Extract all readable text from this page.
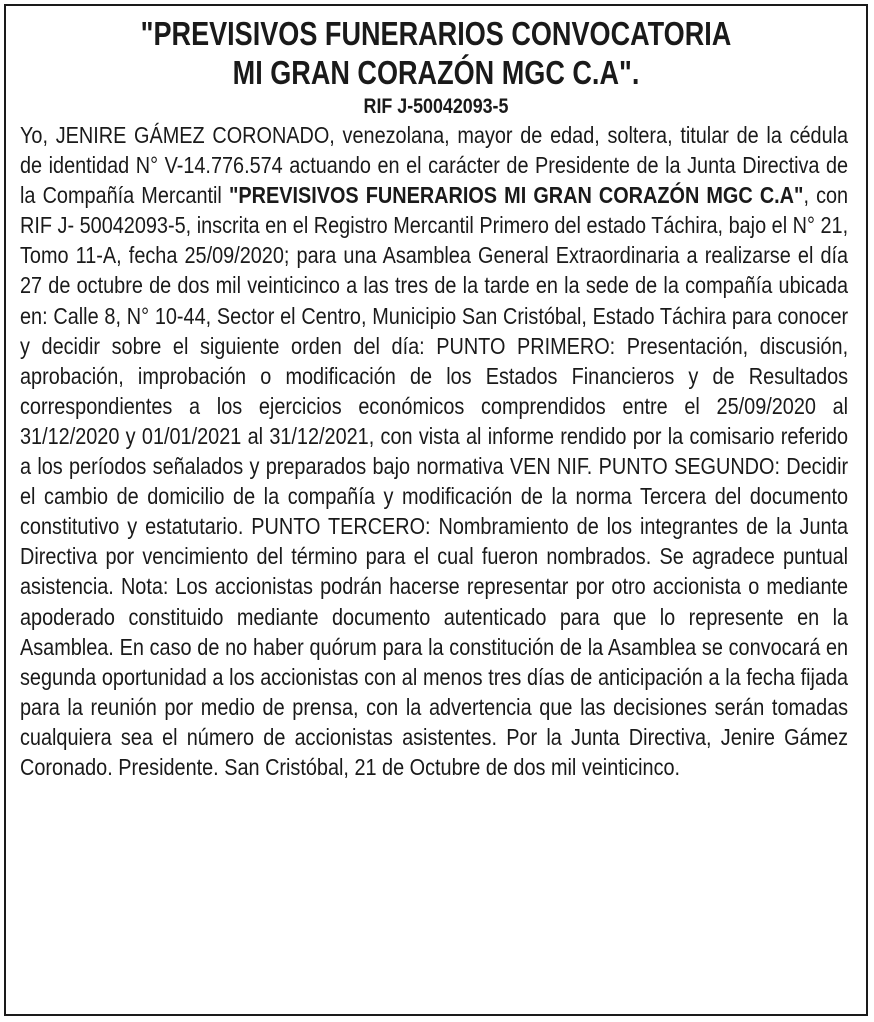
"PREVISIVOS FUNERARIOS CONVOCATORIA
MI GRAN CORAZÓN MGC C.A".
RIF J-50042093-5

Yo, JENIRE GÁMEZ CORONADO, venezolana, mayor de edad, soltera, titular de la cédula de identidad N° V-14.776.574 actuando en el carácter de Presidente de la Junta Directiva de la Compañía Mercantil "PREVISIVOS FUNERARIOS MI GRAN CORAZÓN MGC C.A", con RIF J- 50042093-5, inscrita en el Registro Mercantil Primero del estado Táchira, bajo el N° 21, Tomo 11-A, fecha 25/09/2020; para una Asamblea General Extraordinaria a realizarse el día 27 de octubre de dos mil veinticinco a las tres de la tarde en la sede de la compañía ubicada en: Calle 8, N° 10-44, Sector el Centro, Municipio San Cristóbal, Estado Táchira para conocer y decidir sobre el siguiente orden del día: PUNTO PRIMERO: Presentación, discusión, aprobación, improbación o modificación de los Estados Financieros y de Resultados correspondientes a los ejercicios económicos comprendidos entre el 25/09/2020 al 31/12/2020 y 01/01/2021 al 31/12/2021, con vista al informe rendido por la comisario referido a los períodos señalados y preparados bajo normativa VEN NIF. PUNTO SEGUNDO: Decidir el cambio de domicilio de la compañía y modificación de la norma Tercera del documento constitutivo y estatutario. PUNTO TERCERO: Nombramiento de los integrantes de la Junta Directiva por vencimiento del término para el cual fueron nombrados. Se agradece puntual asistencia. Nota: Los accionistas podrán hacerse representar por otro accionista o mediante apoderado constituido mediante documento autenticado para que lo represente en la Asamblea. En caso de no haber quórum para la constitución de la Asamblea se convocará en segunda oportunidad a los accionistas con al menos tres días de anticipación a la fecha fijada para la reunión por medio de prensa, con la advertencia que las decisiones serán tomadas cualquiera sea el número de accionistas asistentes. Por la Junta Directiva, Jenire Gámez Coronado. Presidente. San Cristóbal, 21 de Octubre de dos mil veinticinco.
